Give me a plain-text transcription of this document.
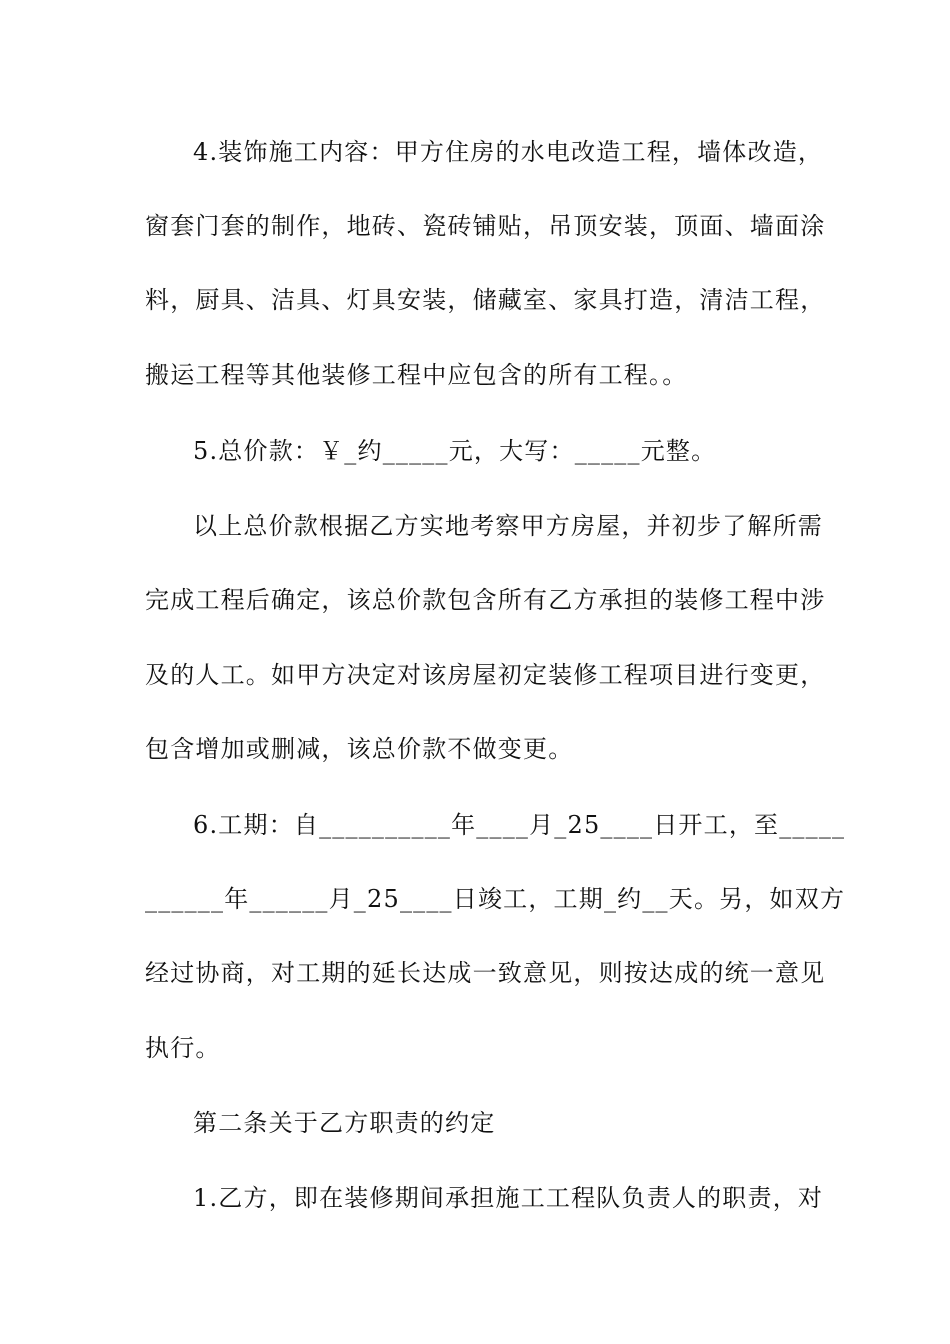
4.装饰施工内容：甲方住房的水电改造工程，墙体改造，
窗套门套的制作，地砖、瓷砖铺贴，吊顶安装，顶面、墙面涂
料，厨具、洁具、灯具安装，储藏室、家具打造，清洁工程，
搬运工程等其他装修工程中应包含的所有工程。。
5.总价款：￥_约_____元，大写：_____元整。
以上总价款根据乙方实地考察甲方房屋，并初步了解所需
完成工程后确定，该总价款包含所有乙方承担的装修工程中涉
及的人工。如甲方决定对该房屋初定装修工程项目进行变更，
包含增加或删减，该总价款不做变更。
6.工期：自__________年____月_25____日开工，至_____
______年______月_25____日竣工，工期_约__天。另，如双方
经过协商，对工期的延长达成一致意见，则按达成的统一意见
执行。
第二条关于乙方职责的约定
1.乙方，即在装修期间承担施工工程队负责人的职责，对
